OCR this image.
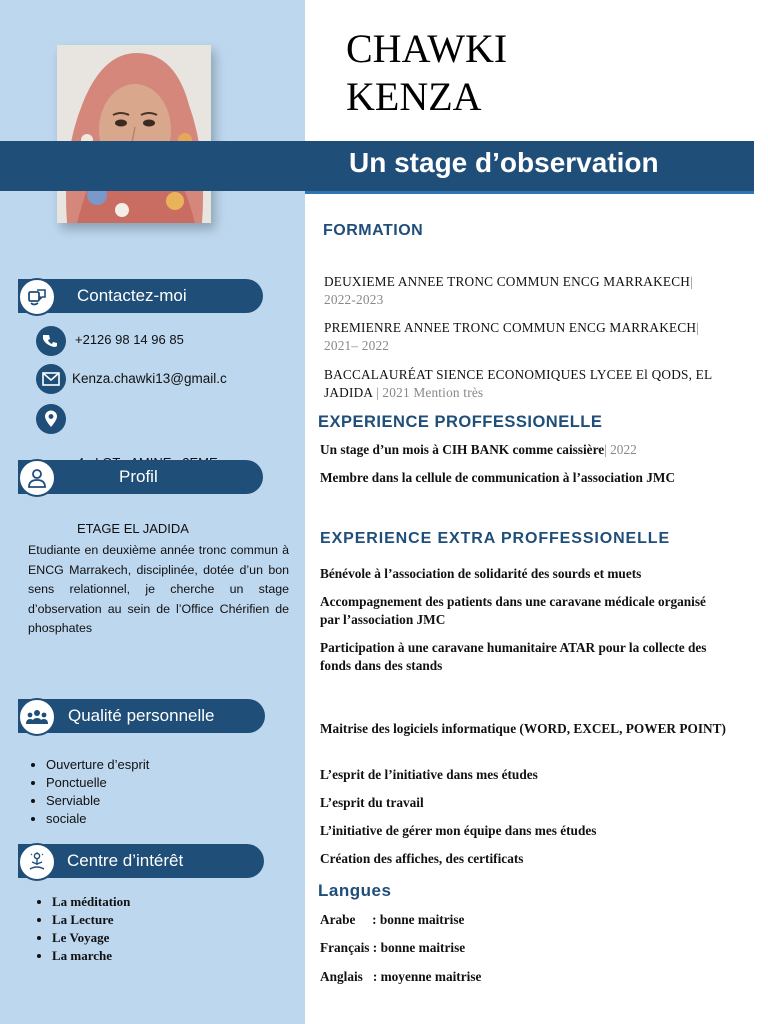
CHAWKI
KENZA
Un stage d’observation
Contactez-moi
+2126 98 14 96 85
Kenza.chawki13@gmail.c

ETAGE EL JADIDA

Profil
Etudiante en deuxième année tronc commun à ENCG Marrakech, disciplinée, dotée d’un bon sens relationnel, je cherche un stage d’observation au sein de l’Office Chérifien de phosphates
Qualité personnelle
• Ouverture d’esprit
• Ponctuelle
• Serviable
• sociale
Centre d’intérêt
• La méditation
• La Lecture
• Le Voyage
• La marche
FORMATION
DEUXIEME ANNEE TRONC COMMUN ENCG MARRAKECH| 2022-2023
PREMIENRE ANNEE TRONC COMMUN ENCG MARRAKECH| 2021– 2022
BACCALAURÉAT SIENCE ECONOMIQUES LYCEE El QODS, EL JADIDA | 2021 Mention très
EXPERIENCE PROFFESSIONELLE
Un stage d’un mois à CIH BANK comme caissière| 2022
Membre dans la cellule de communication à l’association JMC
EXPERIENCE EXTRA PROFFESSIONELLE
Bénévole à l’association de solidarité des sourds et muets
Accompagnement des patients dans une caravane médicale organisé par l’association JMC
Participation à une caravane humanitaire ATAR pour la collecte des fonds dans des stands
Maitrise des logiciels informatique (WORD, EXCEL, POWER POINT)
L’esprit de l’initiative dans mes études
L’esprit du travail
L’initiative de gérer mon équipe dans mes études
Création des affiches, des certificats
Langues
Arabe     : bonne maitrise
Français : bonne maitrise
Anglais   : moyenne maitrise
